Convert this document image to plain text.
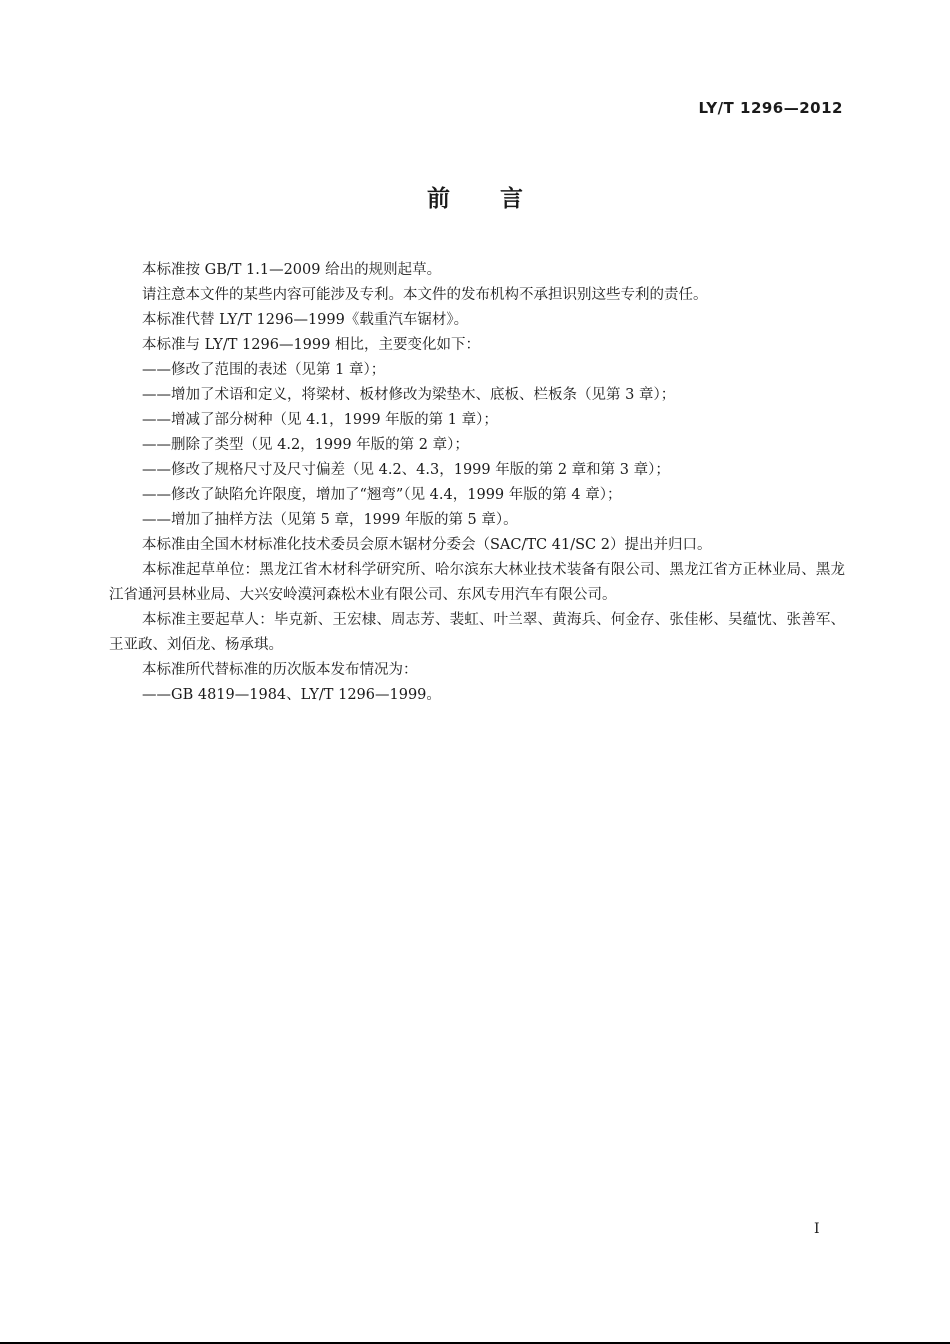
LY/T 1296—2012
前 言

本标准按 GB/T 1.1—2009 给出的规则起草。

请注意本文件的某些内容可能涉及专利。本文件的发布机构不承担识别这些专利的责任。

本标准代替 LY/T 1296—1999《载重汽车锯材》。

本标准与 LY/T 1296—1999 相比，主要变化如下：

——修改了范围的表述（见第 1 章）；

——增加了术语和定义，将梁材、板材修改为梁垫木、底板、栏板条（见第 3 章）；

——增减了部分树种（见 4.1，1999 年版的第 1 章）；

——删除了类型（见 4.2，1999 年版的第 2 章）；

——修改了规格尺寸及尺寸偏差（见 4.2、4.3，1999 年版的第 2 章和第 3 章）；

——修改了缺陷允许限度，增加了“翘弯”（见 4.4，1999 年版的第 4 章）；

——增加了抽样方法（见第 5 章，1999 年版的第 5 章）。

本标准由全国木材标准化技术委员会原木锯材分委会（SAC/TC 41/SC 2）提出并归口。

本标准起草单位：黑龙江省木材科学研究所、哈尔滨东大林业技术装备有限公司、黑龙江省方正林业局、黑龙江省通河县林业局、大兴安岭漠河森松木业有限公司、东风专用汽车有限公司。

本标准主要起草人：毕克新、王宏棣、周志芳、裴虹、叶兰翠、黄海兵、何金存、张佳彬、吴蕴忱、张善军、王亚政、刘佰龙、杨承琪。

本标准所代替标准的历次版本发布情况为：

——GB 4819—1984、LY/T 1296—1999。

I
